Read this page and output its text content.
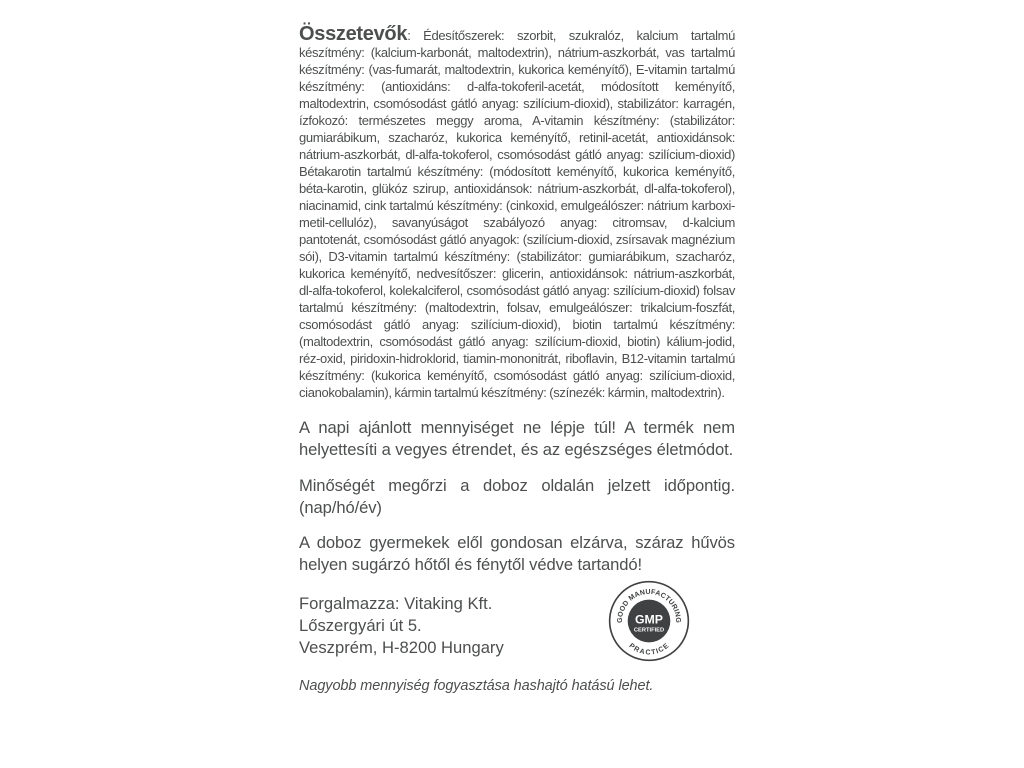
Összetevők: Édesítőszerek: szorbit, szukralóz, kalcium tartalmú készítmény: (kalcium-karbonát, maltodextrin), nátrium-aszkorbát, vas tartalmú készítmény: (vas-fumarát, maltodextrin, kukorica keményítő), E-vitamin tartalmú készítmény: (antioxidáns: d-alfa-tokoferil-acetát, módosított keményítő, maltodextrin, csomósodást gátló anyag: szilícium-dioxid), stabilizátor: karragén, ízfokozó: természetes meggy aroma, A-vitamin készítmény: (stabilizátor: gumiarábikum, szacharóz, kukorica keményítő, retinil-acetát, antioxidánsok: nátrium-aszkorbát, dl-alfa-tokoferol, csomósodást gátló anyag: szilícium-dioxid) Bétakarotin tartalmú készítmény: (módosított keményítő, kukorica keményítő, béta-karotin, glükóz szirup, antioxidánsok: nátrium-aszkorbát, dl-alfa-tokoferol), niacinamid, cink tartalmú készítmény: (cinkoxid, emulgeálószer: nátrium karboxi-metil-cellulóz), savanyúságot szabályozó anyag: citromsav, d-kalcium pantotenát, csomósodást gátló anyagok: (szilícium-dioxid, zsírsavak magnézium sói), D3-vitamin tartalmú készítmény: (stabilizátor: gumiarábikum, szacharóz, kukorica keményítő, nedvesítőszer: glicerin, antioxidánsok: nátrium-aszkorbát, dl-alfa-tokoferol, kolekalciferol, csomósodást gátló anyag: szilícium-dioxid) folsav tartalmú készítmény: (maltodextrin, folsav, emulgeálószer: trikalcium-foszfát, csomósodást gátló anyag: szilícium-dioxid), biotin tartalmú készítmény: (maltodextrin, csomósodást gátló anyag: szilícium-dioxid, biotin) kálium-jodid, réz-oxid, piridoxin-hidroklorid, tiamin-mononitrát, riboflavin, B12-vitamin tartalmú készítmény: (kukorica keményítő, csomósodást gátló anyag: szilícium-dioxid, cianokobalamin), kármin tartalmú készítmény: (színezék: kármin, maltodextrin).

A napi ajánlott mennyiséget ne lépje túl! A termék nem helyettesíti a vegyes étrendet, és az egészséges életmódot.

Minőségét megőrzi a doboz oldalán jelzett időpontig. (nap/hó/év)

A doboz gyermekek elől gondosan elzárva, száraz hűvös helyen sugárzó hőtől és fénytől védve tartandó!

Forgalmazza: Vitaking Kft.
Lőszergyári út 5.
Veszprém, H-8200 Hungary
GOOD MANUFACTURING
PRACTICE
GMP
CERTIFIED

Nagyobb mennyiség fogyasztása hashajtó hatású lehet.
